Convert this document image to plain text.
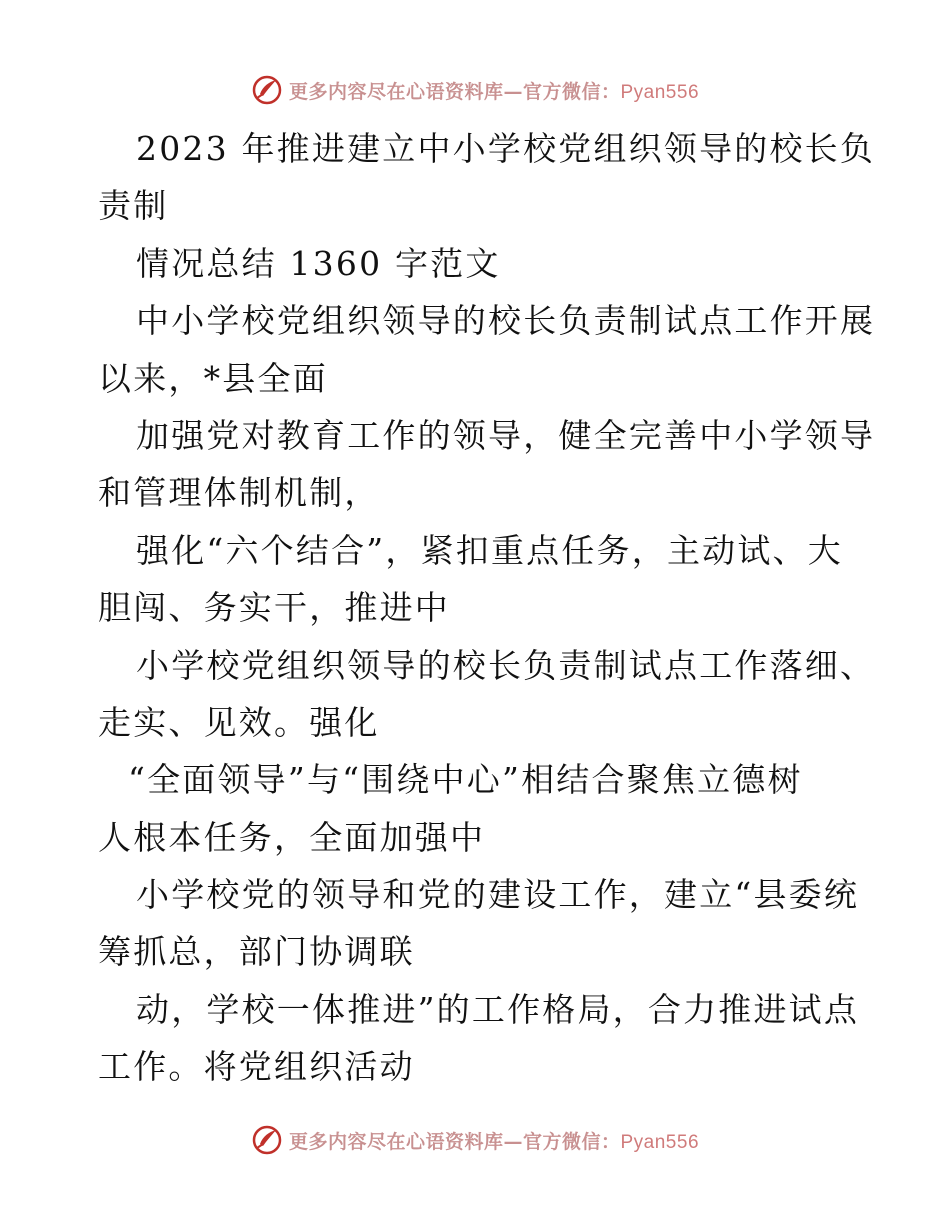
更多内容尽在心语资料库—官方微信：Pyan556
2023 年推进建立中小学校党组织领导的校长负
责制
情况总结 1360 字范文
中小学校党组织领导的校长负责制试点工作开展
以来，*县全面
加强党对教育工作的领导，健全完善中小学领导
和管理体制机制，
强化“六个结合”，紧扣重点任务，主动试、大
胆闯、务实干，推进中
小学校党组织领导的校长负责制试点工作落细、
走实、见效。强化
“全面领导”与“围绕中心”相结合聚焦立德树
人根本任务，全面加强中
小学校党的领导和党的建设工作，建立“县委统
筹抓总，部门协调联
动，学校一体推进”的工作格局，合力推进试点
工作。将党组织活动
更多内容尽在心语资料库—官方微信：Pyan556
